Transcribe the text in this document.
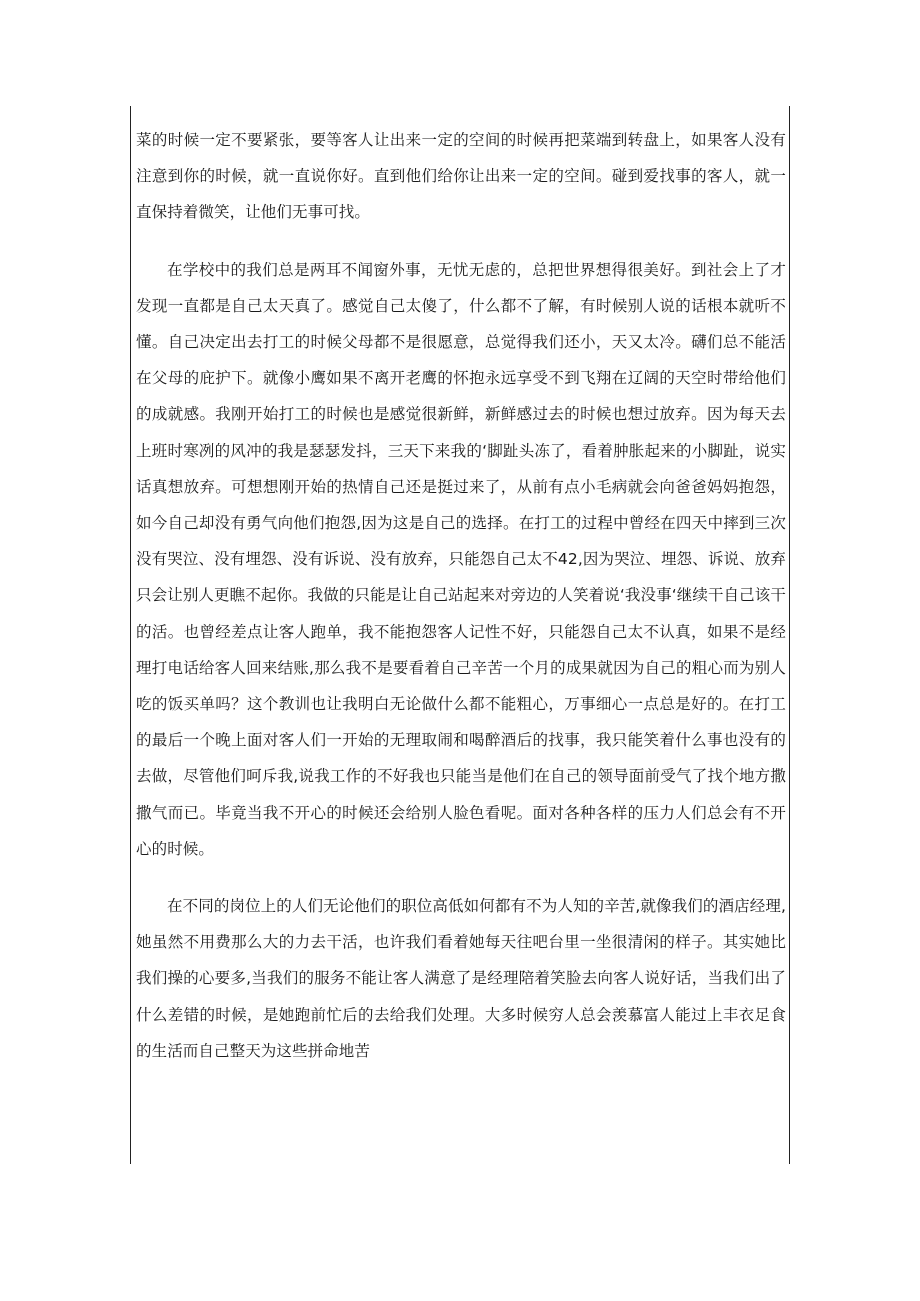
菜的时候一定不要紧张，要等客人让出来一定的空间的时候再把菜端到转盘上，如果客人没有注意到你的时候，就一直说你好。直到他们给你让出来一定的空间。碰到爱找事的客人，就一直保持着微笑，让他们无事可找。

在学校中的我们总是两耳不闻窗外事，无忧无虑的，总把世界想得很美好。到社会上了才发现一直都是自己太天真了。感觉自己太傻了，什么都不了解，有时候别人说的话根本就听不懂。自己决定出去打工的时候父母都不是很愿意，总觉得我们还小，天又太冷。礴们总不能活在父母的庇护下。就像小鹰如果不离开老鹰的怀抱永远享受不到飞翔在辽阔的天空时带给他们的成就感。我刚开始打工的时候也是感觉很新鲜，新鲜感过去的时候也想过放弃。因为每天去上班时寒冽的风冲的我是瑟瑟发抖，三天下来我的‘脚趾头冻了，看着肿胀起来的小脚趾，说实话真想放弃。可想想刚开始的热情自己还是挺过来了，从前有点小毛病就会向爸爸妈妈抱怨，如今自己却没有勇气向他们抱怨,因为这是自己的选择。在打工的过程中曾经在四天中摔到三次没有哭泣、没有埋怨、没有诉说、没有放弃，只能怨自己太不42,因为哭泣、埋怨、诉说、放弃只会让别人更瞧不起你。我做的只能是让自己站起来对旁边的人笑着说‘我没事‘继续干自己该干的活。也曾经差点让客人跑单，我不能抱怨客人记性不好，只能怨自己太不认真，如果不是经理打电话给客人回来结账,那么我不是要看着自己辛苦一个月的成果就因为自己的粗心而为别人吃的饭买单吗？这个教训也让我明白无论做什么都不能粗心，万事细心一点总是好的。在打工的最后一个晚上面对客人们一开始的无理取闹和喝醉酒后的找事，我只能笑着什么事也没有的去做，尽管他们呵斥我,说我工作的不好我也只能当是他们在自己的领导面前受气了找个地方撒撒气而已。毕竟当我不开心的时候还会给别人脸色看呢。面对各种各样的压力人们总会有不开心的时候。

在不同的岗位上的人们无论他们的职位高低如何都有不为人知的辛苦,就像我们的酒店经理,她虽然不用费那么大的力去干活，也许我们看着她每天往吧台里一坐很清闲的样子。其实她比我们操的心要多,当我们的服务不能让客人满意了是经理陪着笑脸去向客人说好话，当我们出了什么差错的时候，是她跑前忙后的去给我们处理。大多时候穷人总会羡慕富人能过上丰衣足食的生活而自己整天为这些拼命地苦
